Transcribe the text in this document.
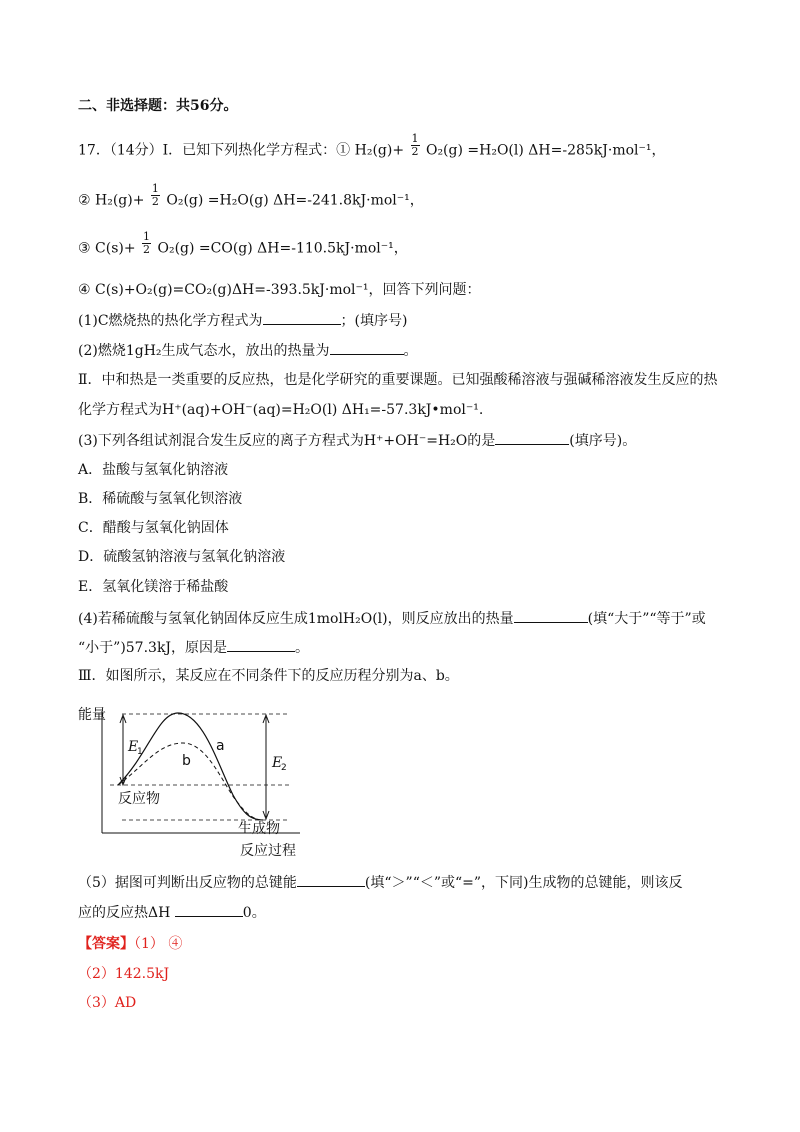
二、非选择题：共56分。
17．（14分）Ⅰ．已知下列热化学方程式：① $H_2(g)+ \frac{1}{2} O_2(g) =H_2O(l)$ ΔH=-285kJ·mol⁻¹，
② $H_2(g)+ \frac{1}{2} O_2(g) =H_2O(g)$ ΔH=-241.8kJ·mol⁻¹，
③ $C(s)+ \frac{1}{2} O_2(g) =CO(g)$ ΔH=-110.5kJ·mol⁻¹，
④ C(s)+O₂(g)=CO₂(g)ΔH=-393.5kJ·mol⁻¹，回答下列问题：
(1)C燃烧热的热化学方程式为	；(填序号)
(2)燃烧1gH₂生成气态水，放出的热量为	。
Ⅱ．中和热是一类重要的反应热，也是化学研究的重要课题。已知强酸稀溶液与强碱稀溶液发生反应的热
化学方程式为H⁺(aq)+OH⁻(aq)=H₂O(l) ΔH₁=-57.3kJ•mol⁻¹.
(3)下列各组试剂混合发生反应的离子方程式为H⁺+OH⁻=H₂O的是	(填序号)。
A．盐酸与氢氧化钠溶液
B．稀硫酸与氢氧化钡溶液
C．醋酸与氢氧化钠固体
D．硫酸氢钠溶液与氢氧化钠溶液
E．氢氧化镁溶于稀盐酸
(4)若稀硫酸与氢氧化钠固体反应生成1molH₂O(l)，则反应放出的热量	(填“大于”“等于”或
“小于”)57.3kJ，原因是	。
Ⅲ．如图所示，某反应在不同条件下的反应历程分别为a、b。
能量
E
1
E
2
a
b
反应物
生成物
反应过程
（5）据图可判断出反应物的总键能	(填“＞”“＜”或“=”，下同)生成物的总键能，则该反
应的反应热ΔH	0。
【答案】（1） ④
（2）142.5kJ
（3）AD
